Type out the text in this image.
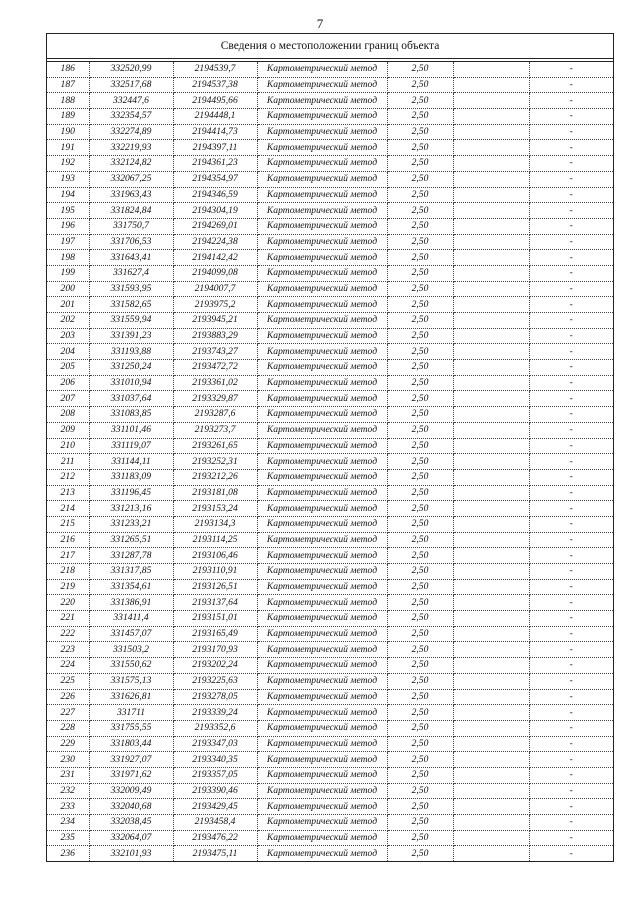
7
Сведения о местоположении границ объекта
186	332520,99	2194539,7	Картометрический метод	2,50		-
187	332517,68	2194537,38	Картометрический метод	2,50		-
188	332447,6	2194495,66	Картометрический метод	2,50		-
189	332354,57	2194448,1	Картометрический метод	2,50		-
190	332274,89	2194414,73	Картометрический метод	2,50		-
191	332219,93	2194397,11	Картометрический метод	2,50		-
192	332124,82	2194361,23	Картометрический метод	2,50		-
193	332067,25	2194354,97	Картометрический метод	2,50		-
194	331963,43	2194346,59	Картометрический метод	2,50		-
195	331824,84	2194304,19	Картометрический метод	2,50		-
196	331750,7	2194269,01	Картометрический метод	2,50		-
197	331706,53	2194224,38	Картометрический метод	2,50		-
198	331643,41	2194142,42	Картометрический метод	2,50		-
199	331627,4	2194099,08	Картометрический метод	2,50		-
200	331593,95	2194007,7	Картометрический метод	2,50		-
201	331582,65	2193975,2	Картометрический метод	2,50		-
202	331559,94	2193945,21	Картометрический метод	2,50		-
203	331391,23	2193883,29	Картометрический метод	2,50		-
204	331193,88	2193743,27	Картометрический метод	2,50		-
205	331250,24	2193472,72	Картометрический метод	2,50		-
206	331010,94	2193361,02	Картометрический метод	2,50		-
207	331037,64	2193329,87	Картометрический метод	2,50		-
208	331083,85	2193287,6	Картометрический метод	2,50		-
209	331101,46	2193273,7	Картометрический метод	2,50		-
210	331119,07	2193261,65	Картометрический метод	2,50		-
211	331144,11	2193252,31	Картометрический метод	2,50		-
212	331183,09	2193212,26	Картометрический метод	2,50		-
213	331196,45	2193181,08	Картометрический метод	2,50		-
214	331213,16	2193153,24	Картометрический метод	2,50		-
215	331233,21	2193134,3	Картометрический метод	2,50		-
216	331265,51	2193114,25	Картометрический метод	2,50		-
217	331287,78	2193106,46	Картометрический метод	2,50		-
218	331317,85	2193110,91	Картометрический метод	2,50		-
219	331354,61	2193126,51	Картометрический метод	2,50		-
220	331386,91	2193137,64	Картометрический метод	2,50		-
221	331411,4	2193151,01	Картометрический метод	2,50		-
222	331457,07	2193165,49	Картометрический метод	2,50		-
223	331503,2	2193170,93	Картометрический метод	2,50		-
224	331550,62	2193202,24	Картометрический метод	2,50		-
225	331575,13	2193225,63	Картометрический метод	2,50		-
226	331626,81	2193278,05	Картометрический метод	2,50		-
227	331711	2193339,24	Картометрический метод	2,50		-
228	331755,55	2193352,6	Картометрический метод	2,50		-
229	331803,44	2193347,03	Картометрический метод	2,50		-
230	331927,07	2193340,35	Картометрический метод	2,50		-
231	331971,62	2193357,05	Картометрический метод	2,50		-
232	332009,49	2193390,46	Картометрический метод	2,50		-
233	332040,68	2193429,45	Картометрический метод	2,50		-
234	332038,45	2193458,4	Картометрический метод	2,50		-
235	332064,07	2193476,22	Картометрический метод	2,50		-
236	332101,93	2193475,11	Картометрический метод	2,50		-
